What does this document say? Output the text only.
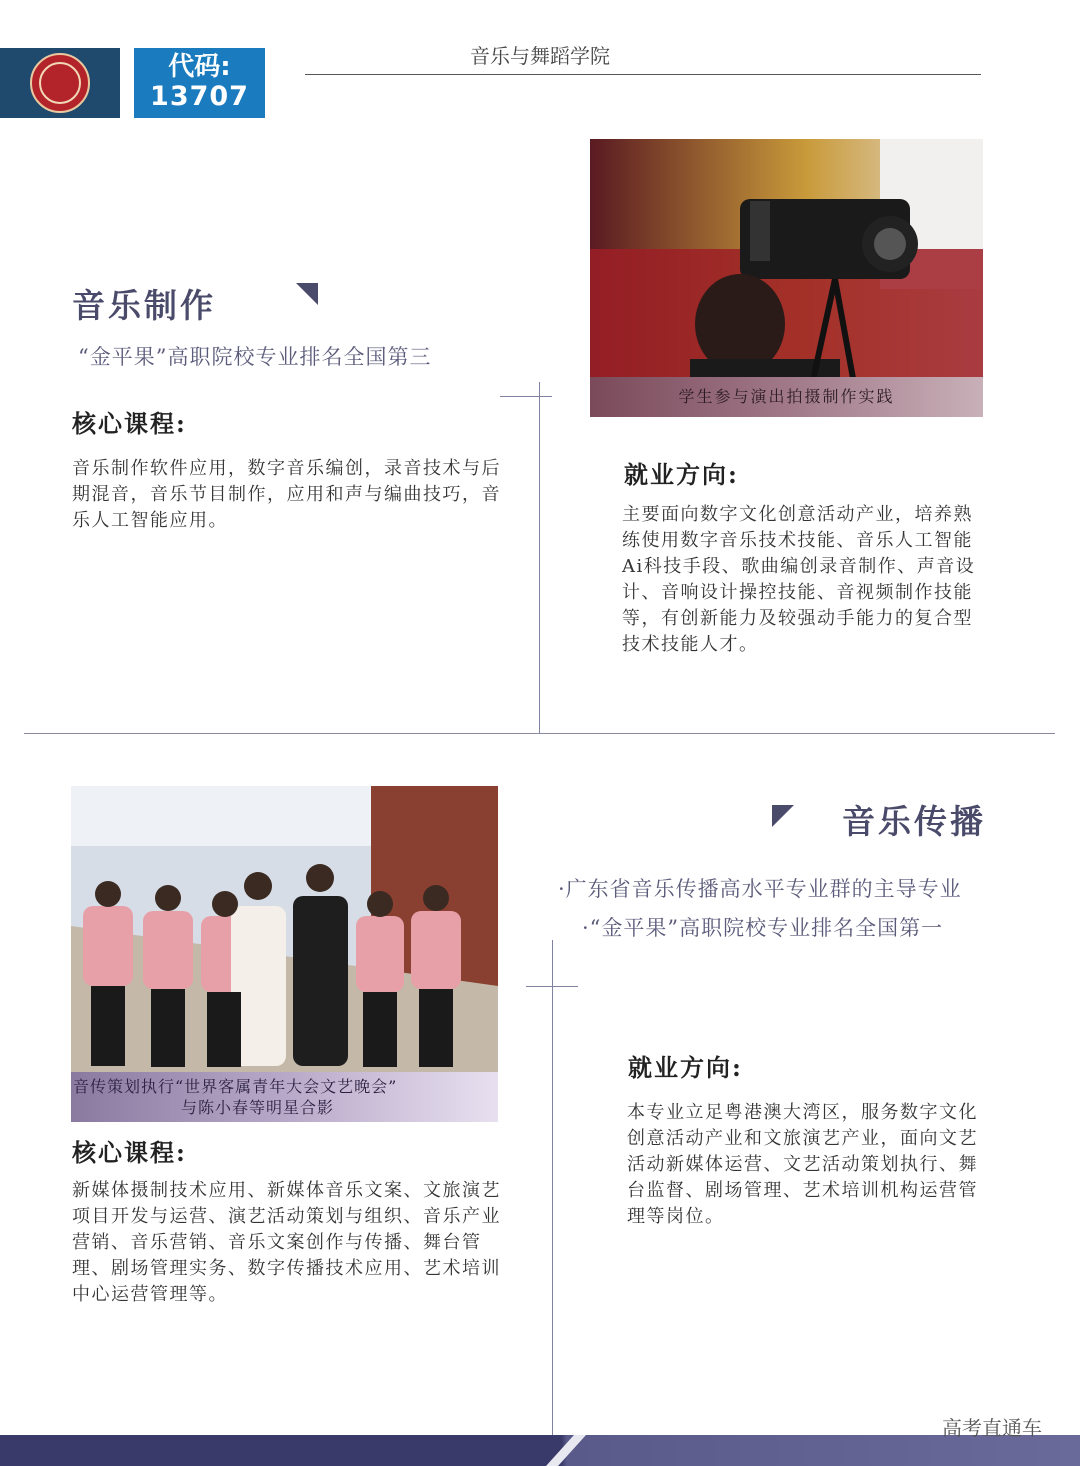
代码:
13707
音乐与舞蹈学院
音乐制作
“金平果”高职院校专业排名全国第三
核心课程:
音乐制作软件应用，数字音乐编创，录音技术与后期混音，音乐节目制作，应用和声与编曲技巧，音乐人工智能应用。
学生参与演出拍摄制作实践
就业方向:
主要面向数字文化创意活动产业，培养熟练使用数字音乐技术技能、音乐人工智能Ai科技手段、歌曲编创录音制作、声音设计、音响设计操控技能、音视频制作技能等，有创新能力及较强动手能力的复合型技术技能人才。
音传策划执行“世界客属青年大会文艺晚会”
与陈小春等明星合影
音乐传播
·广东省音乐传播高水平专业群的主导专业
·“金平果”高职院校专业排名全国第一
核心课程:
新媒体摄制技术应用、新媒体音乐文案、文旅演艺项目开发与运营、演艺活动策划与组织、音乐产业营销、音乐营销、音乐文案创作与传播、舞台管理、剧场管理实务、数字传播技术应用、艺术培训中心运营管理等。
就业方向:
本专业立足粤港澳大湾区，服务数字文化创意活动产业和文旅演艺产业，面向文艺活动新媒体运营、文艺活动策划执行、舞台监督、剧场管理、艺术培训机构运营管理等岗位。
高考直通车
